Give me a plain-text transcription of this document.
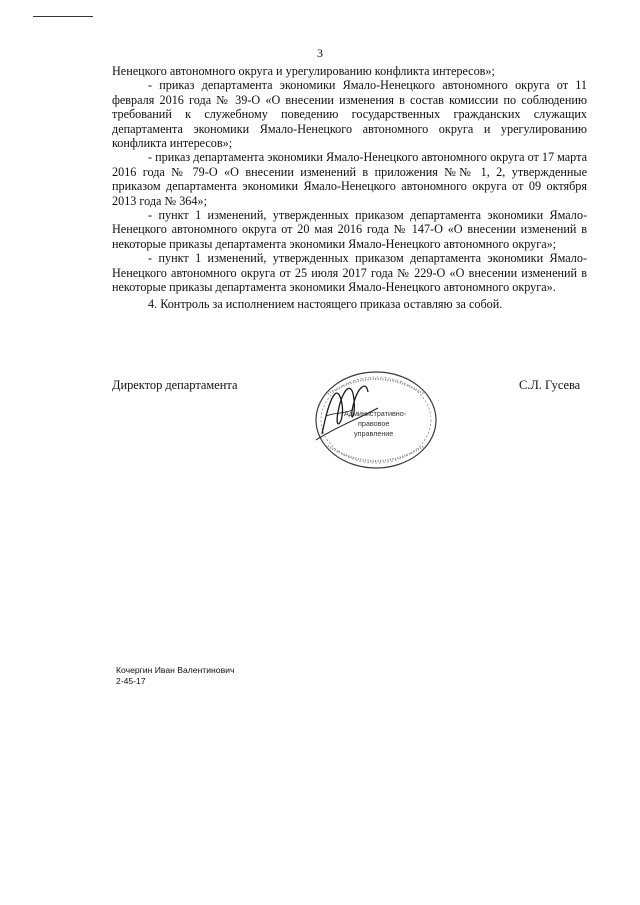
3

Ненецкого автономного округа и урегулированию конфликта интересов»;

- приказ департамента экономики Ямало-Ненецкого автономного округа от 11 февраля 2016 года № 39-О «О внесении изменения в состав комиссии по соблюдению требований к служебному поведению государственных гражданских служащих департамента экономики Ямало-Ненецкого автономного округа и урегулированию конфликта интересов»;

- приказ департамента экономики Ямало-Ненецкого автономного округа от 17 марта 2016 года № 79-О «О внесении изменений в приложения №№ 1, 2, утвержденные приказом департамента экономики Ямало-Ненецкого автономного округа от 09 октября 2013 года № 364»;

- пункт 1 изменений, утвержденных приказом департамента экономики Ямало-Ненецкого автономного округа от 20 мая 2016 года № 147-О «О внесении изменений в некоторые приказы департамента экономики Ямало-Ненецкого автономного округа»;

- пункт 1 изменений, утвержденных приказом департамента экономики Ямало-Ненецкого автономного округа от 25 июля 2017 года № 229-О «О внесении изменений в некоторые приказы департамента экономики Ямало-Ненецкого автономного округа».

4. Контроль за исполнением настоящего приказа оставляю за собой.

Директор департамента
Административно-
правовое
управление
С.Л. Гусева
Кочергин Иван Валентинович
2-45-17
